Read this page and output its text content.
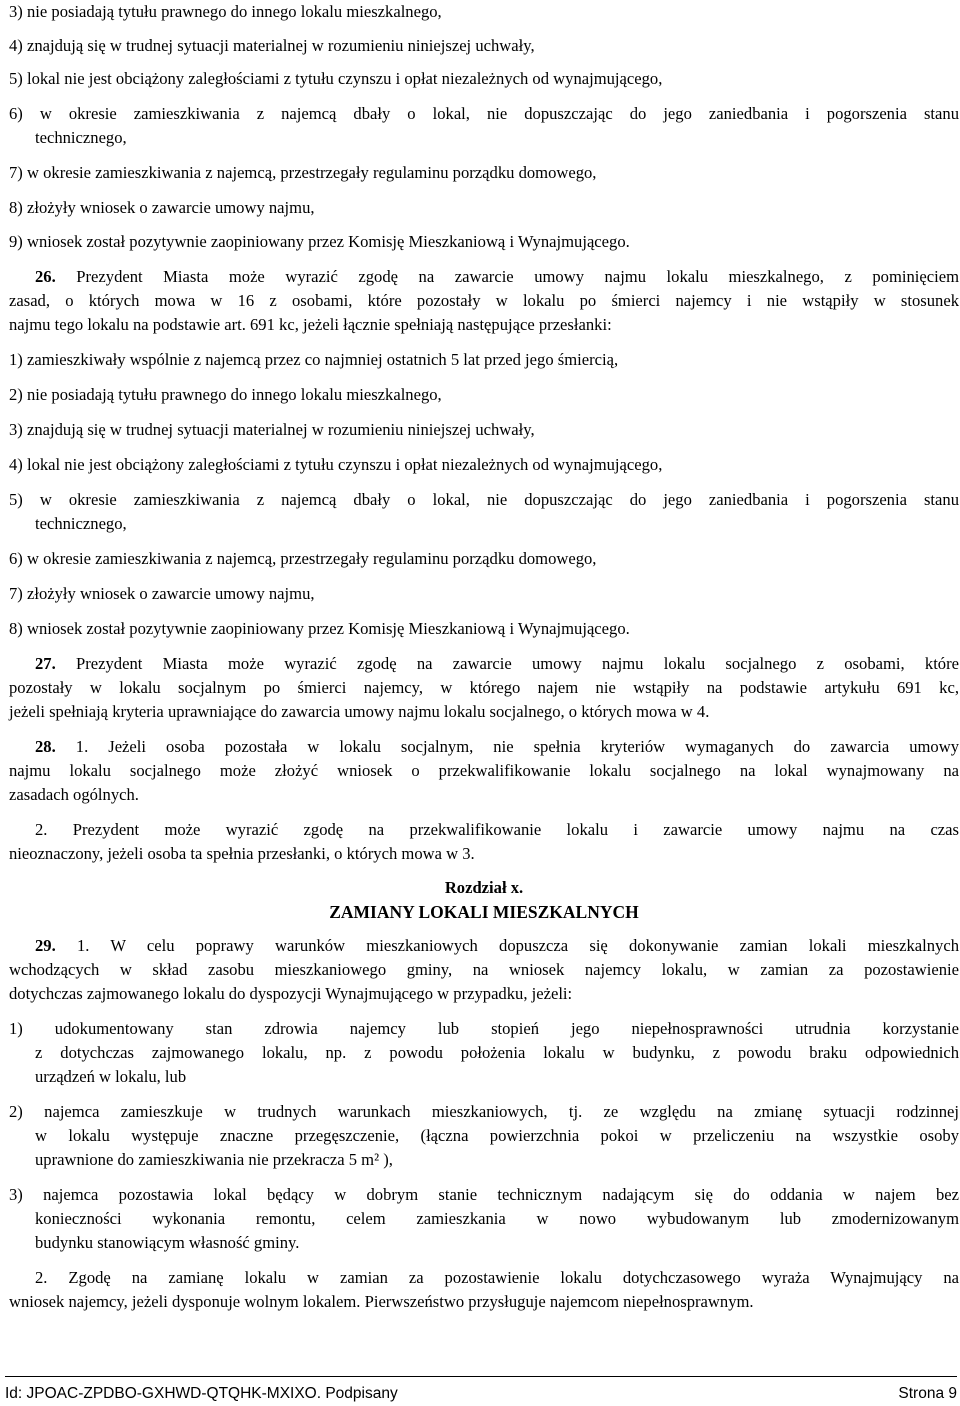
3) nie posiadają tytułu prawnego do innego lokalu mieszkalnego,
4) znajdują się w trudnej sytuacji materialnej w rozumieniu niniejszej uchwały,
5) lokal nie jest obciążony zaległościami z tytułu czynszu i opłat niezależnych od wynajmującego,
6) w okresie zamieszkiwania z najemcą dbały o lokal, nie dopuszczając do jego zaniedbania i pogorszenia stanu
technicznego,
7) w okresie zamieszkiwania z najemcą, przestrzegały regulaminu porządku domowego,
8) złożyły wniosek o zawarcie umowy najmu,
9) wniosek został pozytywnie zaopiniowany przez Komisję Mieszkaniową i Wynajmującego.
26. Prezydent Miasta może wyrazić zgodę na zawarcie umowy najmu lokalu mieszkalnego, z pominięciem
zasad, o których mowa w 16 z osobami, które pozostały w lokalu po śmierci najemcy i nie wstąpiły w stosunek
najmu tego lokalu na podstawie art. 691 kc, jeżeli łącznie spełniają następujące przesłanki:
1) zamieszkiwały wspólnie z najemcą przez co najmniej ostatnich 5 lat przed jego śmiercią,
2) nie posiadają tytułu prawnego do innego lokalu mieszkalnego,
3) znajdują się w trudnej sytuacji materialnej w rozumieniu niniejszej uchwały,
4) lokal nie jest obciążony zaległościami z tytułu czynszu i opłat niezależnych od wynajmującego,
5) w okresie zamieszkiwania z najemcą dbały o lokal, nie dopuszczając do jego zaniedbania i pogorszenia stanu
technicznego,
6) w okresie zamieszkiwania z najemcą, przestrzegały regulaminu porządku domowego,
7) złożyły wniosek o zawarcie umowy najmu,
8) wniosek został pozytywnie zaopiniowany przez Komisję Mieszkaniową i Wynajmującego.
27. Prezydent Miasta może wyrazić zgodę na zawarcie umowy najmu lokalu socjalnego z osobami, które
pozostały w lokalu socjalnym po śmierci najemcy, w którego najem nie wstąpiły na podstawie artykułu 691 kc,
jeżeli spełniają kryteria uprawniające do zawarcia umowy najmu lokalu socjalnego, o których mowa w 4.
28. 1. Jeżeli osoba pozostała w lokalu socjalnym, nie spełnia kryteriów wymaganych do zawarcia umowy
najmu lokalu socjalnego może złożyć wniosek o przekwalifikowanie lokalu socjalnego na lokal wynajmowany na
zasadach ogólnych.
2. Prezydent może wyrazić zgodę na przekwalifikowanie lokalu i zawarcie umowy najmu na czas
nieoznaczony, jeżeli osoba ta spełnia przesłanki, o których mowa w 3.
Rozdział x.
ZAMIANY LOKALI MIESZKALNYCH
29. 1. W celu poprawy warunków mieszkaniowych dopuszcza się dokonywanie zamian lokali mieszkalnych
wchodzących w skład zasobu mieszkaniowego gminy, na wniosek najemcy lokalu, w zamian za pozostawienie
dotychczas zajmowanego lokalu do dyspozycji Wynajmującego w przypadku, jeżeli:
1) udokumentowany stan zdrowia najemcy lub stopień jego niepełnosprawności utrudnia korzystanie
z dotychczas zajmowanego lokalu, np. z powodu położenia lokalu w budynku, z powodu braku odpowiednich
urządzeń w lokalu, lub
2) najemca zamieszkuje w trudnych warunkach mieszkaniowych, tj. ze względu na zmianę sytuacji rodzinnej
w lokalu występuje znaczne przegęszczenie, (łączna powierzchnia pokoi w przeliczeniu na wszystkie osoby
uprawnione do zamieszkiwania nie przekracza 5 m² ),
3) najemca pozostawia lokal będący w dobrym stanie technicznym nadającym się do oddania w najem bez
konieczności wykonania remontu, celem zamieszkania w nowo wybudowanym lub zmodernizowanym
budynku stanowiącym własność gminy.
2. Zgodę na zamianę lokalu w zamian za pozostawienie lokalu dotychczasowego wyraża Wynajmujący na
wniosek najemcy, jeżeli dysponuje wolnym lokalem. Pierwszeństwo przysługuje najemcom niepełnosprawnym.
Id: JPOAC-ZPDBO-GXHWD-QTQHK-MXIXO. Podpisany	Strona 9
